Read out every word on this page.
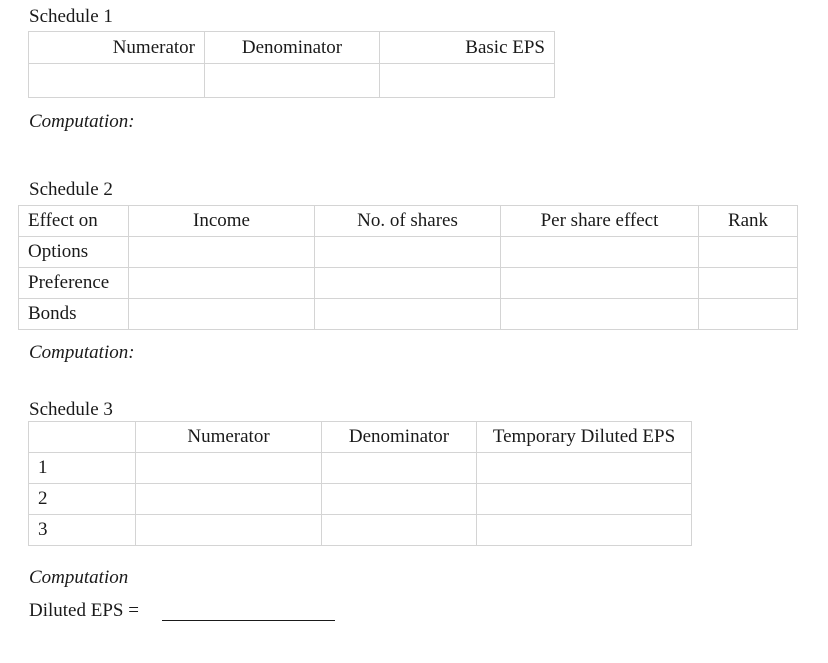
Schedule 1
Numerator	Denominator	Basic EPS

Computation:
Schedule 2
Effect on	Income	No. of shares	Per share effect	Rank
Options				
Preference				
Bonds				
Computation:
Schedule 3
	Numerator	Denominator	Temporary Diluted EPS
1			
2			
3			
Computation
Diluted EPS =
